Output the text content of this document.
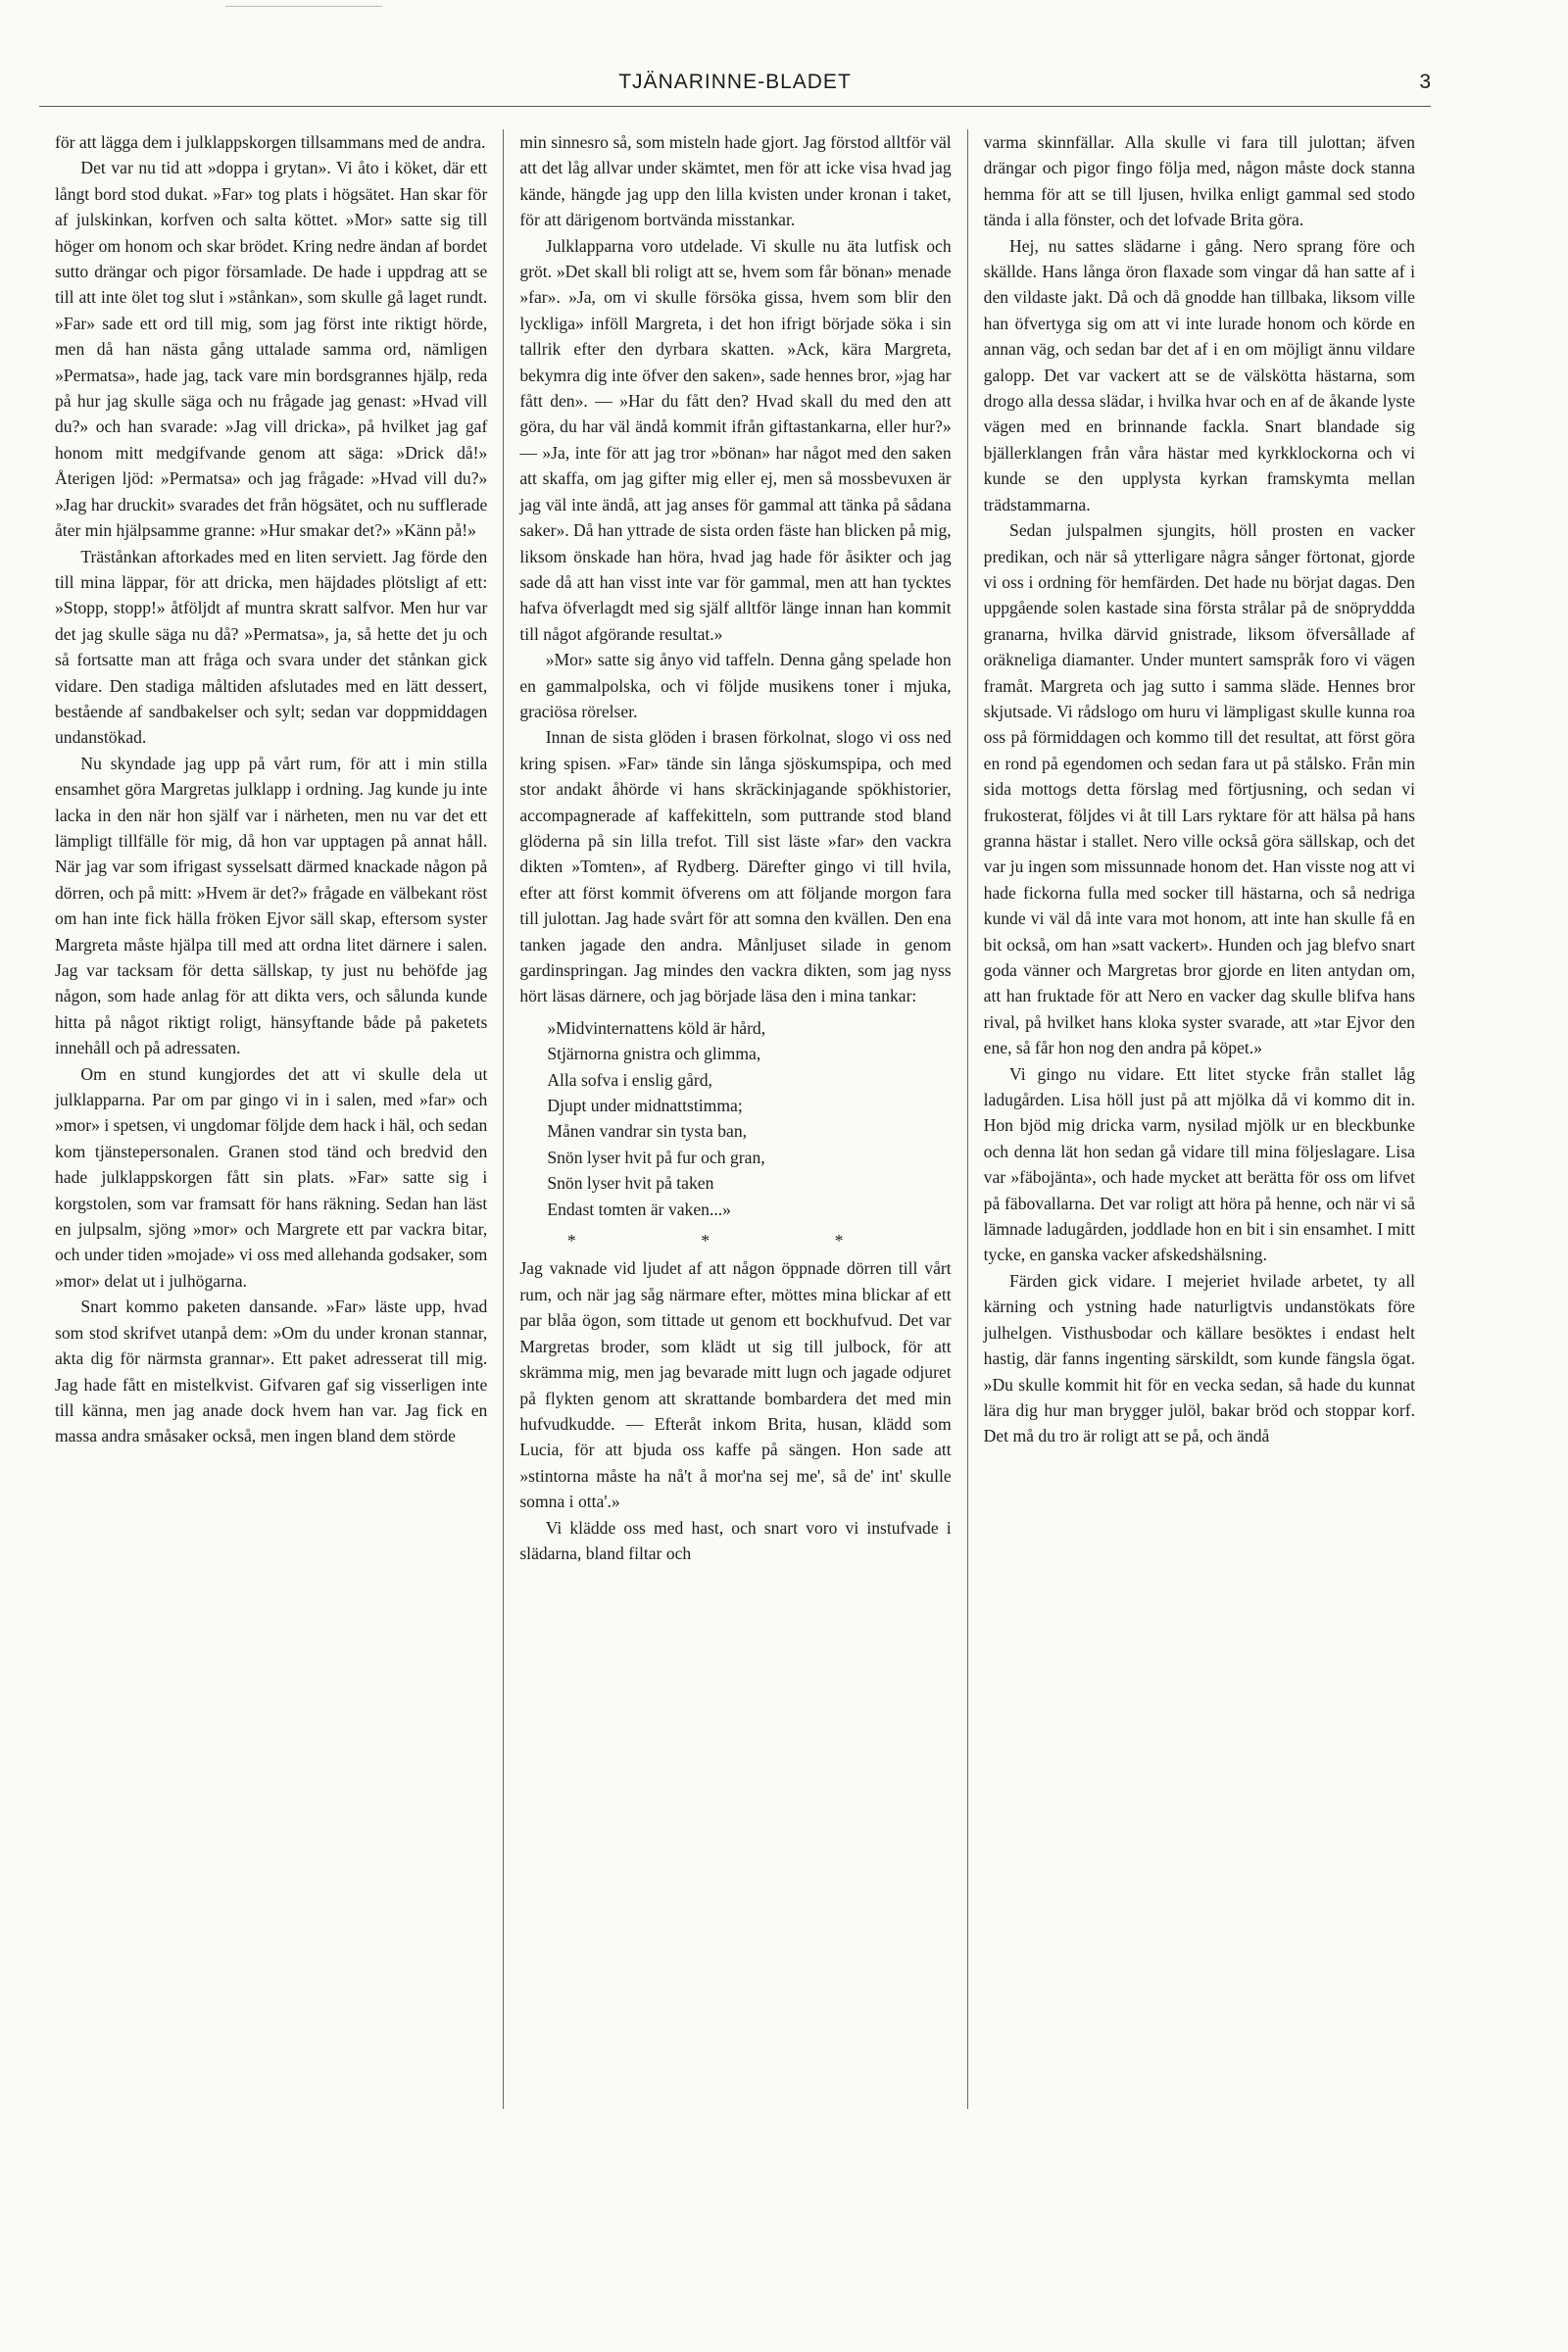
TJÄNARINNE-BLADET	3

för att lägga dem i julklappskorgen tillsammans med de andra.

Det var nu tid att »doppa i grytan». Vi åto i köket, där ett långt bord stod dukat. »Far» tog plats i högsätet. Han skar för af julskinkan, korfven och salta köttet. »Mor» satte sig till höger om honom och skar brödet. Kring nedre ändan af bordet sutto drängar och pigor församlade. De hade i uppdrag att se till att inte ölet tog slut i »stånkan», som skulle gå laget rundt. »Far» sade ett ord till mig, som jag först inte riktigt hörde, men då han nästa gång uttalade samma ord, nämligen »Permatsa», hade jag, tack vare min bordsgrannes hjälp, reda på hur jag skulle säga och nu frågade jag genast: »Hvad vill du?» och han svarade: »Jag vill dricka», på hvilket jag gaf honom mitt medgifvande genom att säga: »Drick då!» Återigen ljöd: »Permatsa» och jag frågade: »Hvad vill du?» »Jag har druckit» svarades det från högsätet, och nu sufflerade åter min hjälpsamme granne: »Hur smakar det?» »Känn på!»

Trästånkan aftorkades med en liten serviett. Jag förde den till mina läppar, för att dricka, men häjdades plötsligt af ett: »Stopp, stopp!» åtföljdt af muntra skratt salfvor. Men hur var det jag skulle säga nu då? »Permatsa», ja, så hette det ju och så fortsatte man att fråga och svara under det stånkan gick vidare. Den stadiga måltiden afslutades med en lätt dessert, bestående af sandbakelser och sylt; sedan var doppmiddagen undanstökad.

Nu skyndade jag upp på vårt rum, för att i min stilla ensamhet göra Margretas julklapp i ordning. Jag kunde ju inte lacka in den när hon själf var i närheten, men nu var det ett lämpligt tillfälle för mig, då hon var upptagen på annat håll. När jag var som ifrigast sysselsatt därmed knackade någon på dörren, och på mitt: »Hvem är det?» frågade en välbekant röst om han inte fick hälla fröken Ejvor säll skap, eftersom syster Margreta måste hjälpa till med att ordna litet därnere i salen. Jag var tacksam för detta sällskap, ty just nu behöfde jag någon, som hade anlag för att dikta vers, och sålunda kunde hitta på något riktigt roligt, hänsyftande både på paketets innehåll och på adressaten.

Om en stund kungjordes det att vi skulle dela ut julklapparna. Par om par gingo vi in i salen, med »far» och »mor» i spetsen, vi ungdomar följde dem hack i häl, och sedan kom tjänstepersonalen. Granen stod tänd och bredvid den hade julklappskorgen fått sin plats. »Far» satte sig i korgstolen, som var framsatt för hans räkning. Sedan han läst en julpsalm, sjöng »mor» och Margrete ett par vackra bitar, och under tiden »mojade» vi oss med allehanda godsaker, som »mor» delat ut i julhögarna.

Snart kommo paketen dansande. »Far» läste upp, hvad som stod skrifvet utanpå dem: »Om du under kronan stannar, akta dig för närmsta grannar». Ett paket adresserat till mig. Jag hade fått en mistelkvist. Gifvaren gaf sig visserligen inte till känna, men jag anade dock hvem han var. Jag fick en massa andra småsaker också, men ingen bland dem störde

min sinnesro så, som misteln hade gjort. Jag förstod alltför väl att det låg allvar under skämtet, men för att icke visa hvad jag kände, hängde jag upp den lilla kvisten under kronan i taket, för att därigenom bortvända misstankar.

Julklapparna voro utdelade. Vi skulle nu äta lutfisk och gröt. »Det skall bli roligt att se, hvem som får bönan» menade »far». »Ja, om vi skulle försöka gissa, hvem som blir den lyckliga» inföll Margreta, i det hon ifrigt började söka i sin tallrik efter den dyrbara skatten. »Ack, kära Margreta, bekymra dig inte öfver den saken», sade hennes bror, »jag har fått den». — »Har du fått den? Hvad skall du med den att göra, du har väl ändå kommit ifrån giftastankarna, eller hur?» — »Ja, inte för att jag tror »bönan» har något med den saken att skaffa, om jag gifter mig eller ej, men så mossbevuxen är jag väl inte ändå, att jag anses för gammal att tänka på sådana saker». Då han yttrade de sista orden fäste han blicken på mig, liksom önskade han höra, hvad jag hade för åsikter och jag sade då att han visst inte var för gammal, men att han tycktes hafva öfverlagdt med sig själf alltför länge innan han kommit till något afgörande resultat.»

»Mor» satte sig ånyo vid taffeln. Denna gång spelade hon en gammalpolska, och vi följde musikens toner i mjuka, graciösa rörelser.

Innan de sista glöden i brasen förkolnat, slogo vi oss ned kring spisen. »Far» tände sin långa sjöskumspipa, och med stor andakt åhörde vi hans skräckinjagande spökhistorier, accompagnerade af kaffekitteln, som puttrande stod bland glöderna på sin lilla trefot. Till sist läste »far» den vackra dikten »Tomten», af Rydberg. Därefter gingo vi till hvila, efter att först kommit öfverens om att följande morgon fara till julottan. Jag hade svårt för att somna den kvällen. Den ena tanken jagade den andra. Månljuset silade in genom gardinspringan. Jag mindes den vackra dikten, som jag nyss hört läsas därnere, och jag började läsa den i mina tankar:

»Midvinternattens köld är hård,
Stjärnorna gnistra och glimma,
Alla sofva i enslig gård,
Djupt under midnattstimma;
Månen vandrar sin tysta ban,
Snön lyser hvit på fur och gran,
Snön lyser hvit på taken
Endast tomten är vaken...»
* * *

Jag vaknade vid ljudet af att någon öppnade dörren till vårt rum, och när jag såg närmare efter, möttes mina blickar af ett par blåa ögon, som tittade ut genom ett bockhufvud. Det var Margretas broder, som klädt ut sig till julbock, för att skrämma mig, men jag bevarade mitt lugn och jagade odjuret på flykten genom att skrattande bombardera det med min hufvudkudde. — Efteråt inkom Brita, husan, klädd som Lucia, för att bjuda oss kaffe på sängen. Hon sade att »stintorna måste ha nå't å mor'na sej me', så de' int' skulle somna i otta'.»

Vi klädde oss med hast, och snart voro vi instufvade i slädarna, bland filtar och

varma skinnfällar. Alla skulle vi fara till julottan; äfven drängar och pigor fingo följa med, någon måste dock stanna hemma för att se till ljusen, hvilka enligt gammal sed stodo tända i alla fönster, och det lofvade Brita göra.

Hej, nu sattes slädarne i gång. Nero sprang före och skällde. Hans långa öron flaxade som vingar då han satte af i den vildaste jakt. Då och då gnodde han tillbaka, liksom ville han öfvertyga sig om att vi inte lurade honom och körde en annan väg, och sedan bar det af i en om möjligt ännu vildare galopp. Det var vackert att se de välskötta hästarna, som drogo alla dessa slädar, i hvilka hvar och en af de åkande lyste vägen med en brinnande fackla. Snart blandade sig bjällerklangen från våra hästar med kyrkklockorna och vi kunde se den upplysta kyrkan framskymta mellan trädstammarna.

Sedan julspalmen sjungits, höll prosten en vacker predikan, och när så ytterligare några sånger förtonat, gjorde vi oss i ordning för hemfärden. Det hade nu börjat dagas. Den uppgående solen kastade sina första strålar på de snöpryddda granarna, hvilka därvid gnistrade, liksom öfversållade af oräkneliga diamanter. Under muntert samspråk foro vi vägen framåt. Margreta och jag sutto i samma släde. Hennes bror skjutsade. Vi rådslogo om huru vi lämpligast skulle kunna roa oss på förmiddagen och kommo till det resultat, att först göra en rond på egendomen och sedan fara ut på stålsko. Från min sida mottogs detta förslag med förtjusning, och sedan vi frukosterat, följdes vi åt till Lars ryktare för att hälsa på hans granna hästar i stallet. Nero ville också göra sällskap, och det var ju ingen som missunnade honom det. Han visste nog att vi hade fickorna fulla med socker till hästarna, och så nedriga kunde vi väl då inte vara mot honom, att inte han skulle få en bit också, om han »satt vackert». Hunden och jag blefvo snart goda vänner och Margretas bror gjorde en liten antydan om, att han fruktade för att Nero en vacker dag skulle blifva hans rival, på hvilket hans kloka syster svarade, att »tar Ejvor den ene, så får hon nog den andra på köpet.»

Vi gingo nu vidare. Ett litet stycke från stallet låg ladugården. Lisa höll just på att mjölka då vi kommo dit in. Hon bjöd mig dricka varm, nysilad mjölk ur en bleckbunke och denna lät hon sedan gå vidare till mina följeslagare. Lisa var »fäbojänta», och hade mycket att berätta för oss om lifvet på fäbovallarna. Det var roligt att höra på henne, och när vi så lämnade ladugården, joddlade hon en bit i sin ensamhet. I mitt tycke, en ganska vacker afskedshälsning.

Färden gick vidare. I mejeriet hvilade arbetet, ty all kärning och ystning hade naturligtvis undanstökats före julhelgen. Visthusbodar och källare besöktes i endast helt hastig, där fanns ingenting särskildt, som kunde fängsla ögat. »Du skulle kommit hit för en vecka sedan, så hade du kunnat lära dig hur man brygger julöl, bakar bröd och stoppar korf. Det må du tro är roligt att se på, och ändå
